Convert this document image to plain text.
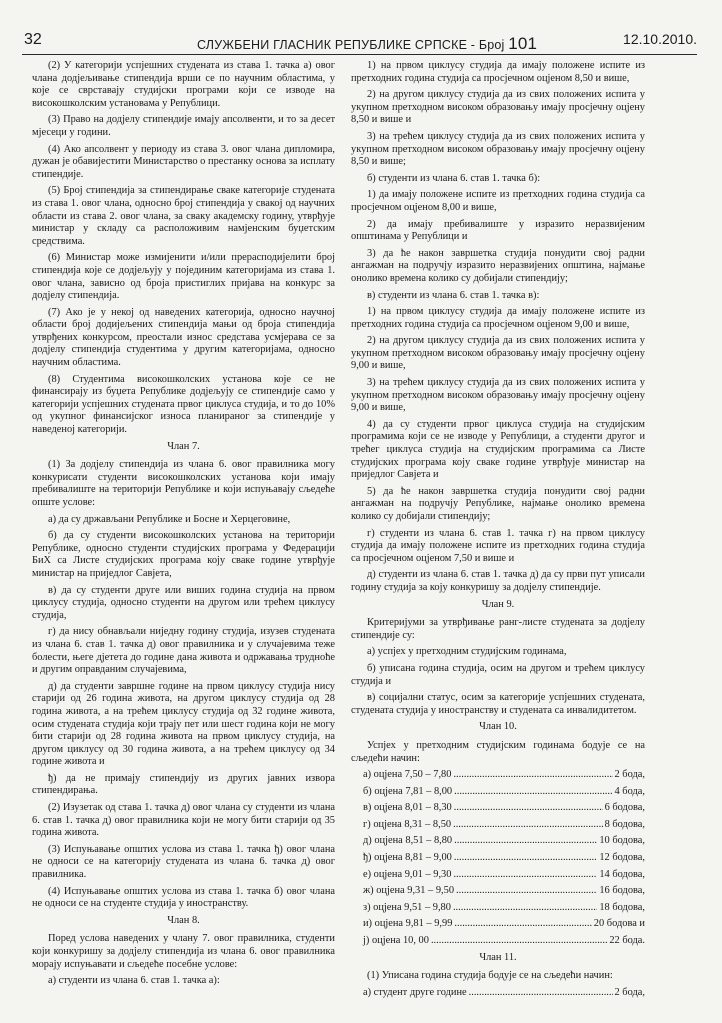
32	СЛУЖБЕНИ ГЛАСНИК РЕПУБЛИКЕ СРПСКЕ - Број 101	12.10.2010.

(2) У категорији успјешних студената из става 1. тачка а) овог члана додјељивање стипендија врши се по научним областима, у које се сврставају студијски програми који се изводе на високошколским установама у Републици.

(3) Право на додјелу стипендије имају апсолвенти, и то за десет мјесеци у години.

(4) Ако апсолвент у периоду из става 3. овог члана дипломира, дужан је обавијестити Министарство о престанку основа за исплату стипендије.

(5) Број стипендија за стипендирање сваке категорије студената из става 1. овог члана, односно број стипендија у свакој од научних области из става 2. овог члана, за свакy академску годину, утврђује министар у складу са расположивим намјенским буџетским средствима.

(6) Министар може измијенити и/или прерасподијелити број стипендија које се додјељују у појединим категоријама из става 1. овог члана, зависно од броја пристиглих пријава на конкурс за додјелу стипендија.

(7) Ако је у некој од наведених категорија, односно научној области број додијељених стипендија мањи од броја стипендија утврђених конкурсом, преостали износ средстава усмјерава се за додјелу стипендија студентима у другим категоријама, односно научним областима.

(8) Студентима високошколских установа које се не финансирају из буџета Републике додјељују се стипендије само у категорији успјешних студената првог циклуса студија, и то до 10% од укупног финансијског износа планираног за стипендије у наведеној категорији.

Члан 7.

(1) За додјелу стипендија из члана 6. овог правилника могу конкурисати студенти високошколских установа који имају пребивалиште на територији Републике и који испуњавају сљедеће опште услове:

а) да су држављани Републике и Босне и Херцеговине,

б) да су студенти високошколских установа на територији Републике, односно студенти студијских програма у Федерацији БиХ са Листе студијских програма коју сваке године утврђује министар на приједлог Савјета,

в) да су студенти друге или виших година студија на првом циклусу студија, односно студенти на другом или трећем циклусу студија,

г) да нису обнављали ниједну годину студија, изузев студената из члана 6. став 1. тачка д) овог правилника и у случајевима теже болести, његе дјетета до године дана живота и одржавања трудноће и другим оправданим случајевима,

д) да студенти завршне године на првом циклусу студија нису старији од 26 година живота, на другом циклусу студија од 28 година живота, а на трећем циклусу студија од 32 године живота, осим студената студија који трају пет или шест година који не могу бити старији од 28 година живота на првом циклусу студија, на другом циклусу од 30 година живота, а на трећем циклусу од 34 године живота и

ђ) да не примају стипендију из других јавних извора стипендирања.

(2) Изузетак од става 1. тачка д) овог члана су студенти из члана 6. став 1. тачка д) овог правилника који не могу бити старији од 35 година живота.

(3) Испуњавање општих услова из става 1. тачка ђ) овог члана не односи се на категорију студената из члана 6. тачка д) овог правилника.

(4) Испуњавање општих услова из става 1. тачка б) овог члана не односи се на студенте студија у иностранству.

Члан 8.

Поред услова наведених у члану 7. овог правилника, студенти који конкуришу за додјелу стипендија из члана 6. овог правилника морају испуњавати и сљедеће посебне услове:

а) студенти из члана 6. став 1. тачка а):

1) на првом циклусу студија да имају положене испите из претходних година студија са просјечном оцјеном 8,50 и више,

2) на другом циклусу студија да из свих положених испита у укупном претходном високом образовању имају просјечну оцјену 8,50 и више и

3) на трећем циклусу студија да из свих положених испита у укупном претходном високом образовању имају просјечну оцјену 8,50 и више;

б) студенти из члана 6. став 1. тачка б):

1) да имају положене испите из претходних година студија са просјечном оцјеном 8,00 и више,

2) да имају пребивалиште у изразито неразвијеним општинама у Републици и

3) да ће након завршетка студија понудити свој радни ангажман на подручју изразито неразвијених општина, најмање онолико времена колико су добијали стипендију;

в) студенти из члана 6. став 1. тачка в):

1) на првом циклусу студија да имају положене испите из претходних година студија са просјечном оцјеном 9,00 и више,

2) на другом циклусу студија да из свих положених испита у укупном претходном високом образовању имају просјечну оцјену 9,00 и више,

3) на трећем циклусу студија да из свих положених испита у укупном претходном високом образовању имају просјечну оцјену 9,00 и више,

4) да су студенти првог циклуса студија на студијским програмима који се не изводе у Републици, а студенти другог и трећег циклуса студија на студијским програмима са Листе студијских програма коју сваке године утврђује министар на приједлог Савјета и

5) да ће након завршетка студија понудити свој радни ангажман на подручју Републике, најмање онолико времена колико су добијали стипендију;

г) студенти из члана 6. став 1. тачка г) на првом циклусу студија да имају положене испите из претходних година студија са просјечном оцјеном 7,50 и више и

д) студенти из члана 6. став 1. тачка д) да су први пут уписали годину студија за коју конкуришу за додјелу стипендије.

Члан 9.

Критеријуми за утврђивање ранг-листе студената за додјелу стипендије су:

а) успјех у претходним студијским годинама,

б) уписана година студија, осим на другом и трећем циклусу студија и

в) социјални статус, осим за категорије успјешних студената, студената студија у иностранству и студената са инвалидитетом.

Члан 10.

Успјех у претходним студијским годинама бодује се на сљедећи начин:

а) оцјена 7,50 – 7,80 .....	2 бода,
б) оцјена 7,81 – 8,00 .....	4 бода,
в) оцјена 8,01 – 8,30 .....	6 бодова,
г) оцјена 8,31 – 8,50 .....	8 бодова,
д) оцјена 8,51 – 8,80 .....	10 бодова,
ђ) оцјена 8,81 – 9,00 .....	12 бодова,
е) оцјена 9,01 – 9,30 .....	14 бодова,
ж) оцјена 9,31 – 9,50 .....	16 бодова,
з) оцјена 9,51 – 9,80 .....	18 бодова,
и) оцјена 9,81 – 9,99 .....	20 бодова и
ј) оцјена 10, 00 .....	22 бода.

Члан 11.

(1) Уписана година студија бодује се на сљедећи начин:

а) студент друге године .....	2 бода,
